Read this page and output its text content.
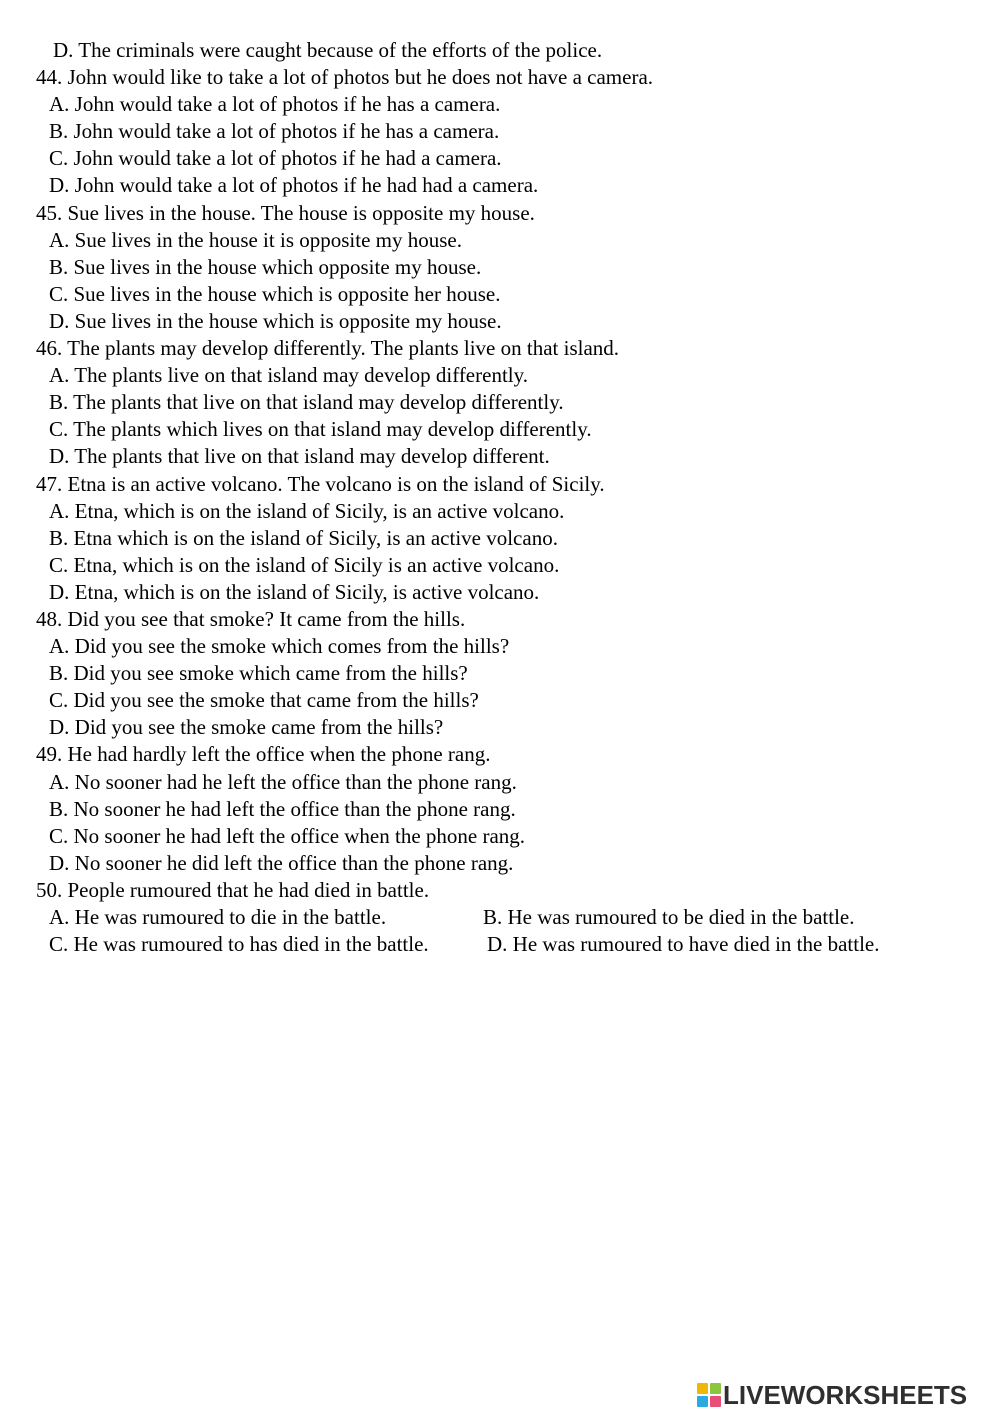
D. The criminals were caught because of the efforts of the police.
44. John would like to take a lot of photos but he does not have a camera.
A. John would take a lot of photos if he has a camera.
B. John would take a lot of photos if he has a camera.
C. John would take a lot of photos if he had a camera.
D. John would take a lot of photos if he had had a camera.
45. Sue lives in the house. The house is opposite my house.
A. Sue lives in the house it is opposite my house.
B. Sue lives in the house which opposite my house.
C. Sue lives in the house which is opposite her house.
D. Sue lives in the house which is opposite my house.
46. The plants may develop differently. The plants live on that island.
A. The plants live on that island may develop differently.
B. The plants that live on that island may develop differently.
C. The plants which lives on that island may develop differently.
D. The plants that live on that island may develop different.
47. Etna is an active volcano. The volcano is on the island of Sicily.
A. Etna, which is on the island of Sicily, is an active volcano.
B. Etna which is on the island of Sicily, is an active volcano.
C. Etna, which is on the island of Sicily is an active volcano.
D. Etna, which is on the island of Sicily, is active volcano.
48. Did you see that smoke? It came from the hills.
A. Did you see the smoke which comes from the hills?
B. Did you see smoke which came from the hills?
C. Did you see the smoke that came from the hills?
D. Did you see the smoke came from the hills?
49. He had hardly left the office when the phone rang.
A. No sooner had he left the office than the phone rang.
B. No sooner he had left the office than the phone rang.
C. No sooner he had left the office when the phone rang.
D. No sooner he did left the office than the phone rang.
50. People rumoured that he had died in battle.
A. He was rumoured to die in the battle.	B. He was rumoured to be died in the battle.
C. He was rumoured to has died in the battle.	D. He was rumoured to have died in the battle.
LIVEWORKSHEETS
